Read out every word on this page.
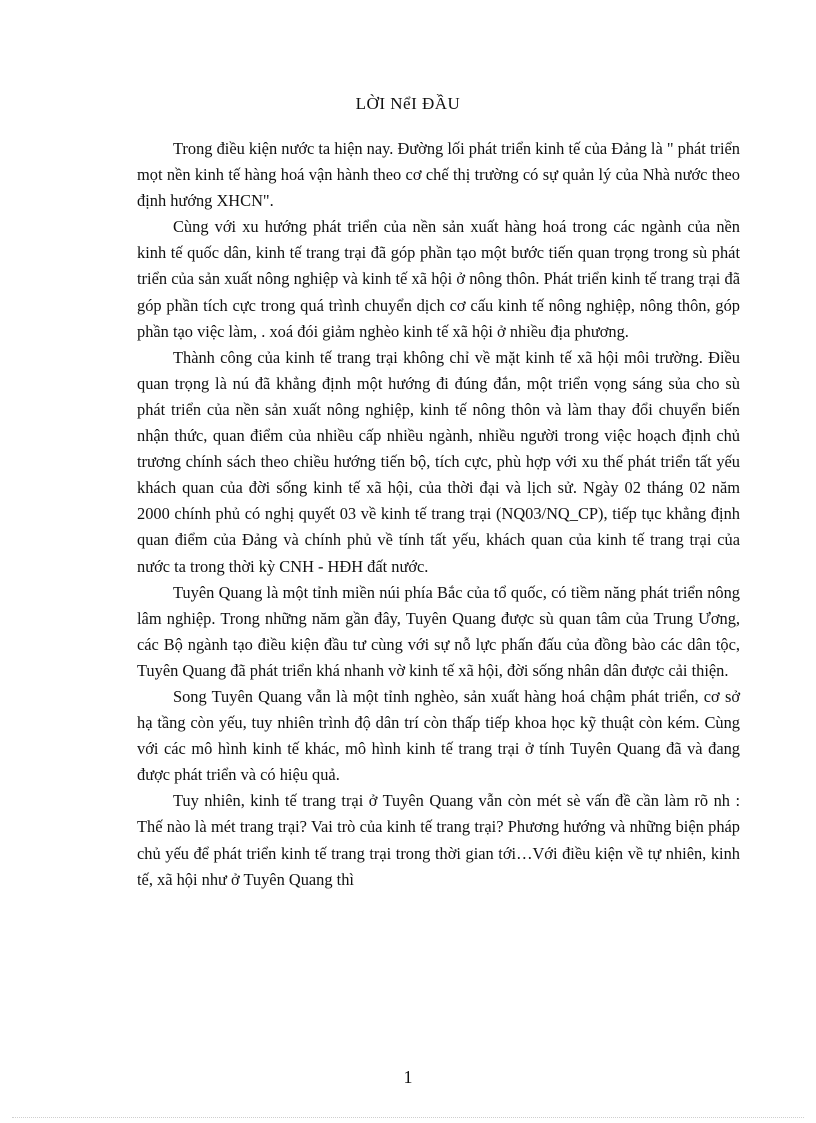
LỜI NểI ĐẦU

Trong điều kiện nước ta hiện nay. Đường lối phát triển kinh tế của Đảng là " phát triển mọt nền kinh tế hàng hoá vận hành theo cơ chế thị trường có sự quản lý của Nhà nước theo định hướng XHCN".

Cùng với xu hướng phát triển của nền sản xuất hàng hoá trong các ngành của nền kinh tế quốc dân, kinh tế trang trại đã góp phần tạo một bước tiến quan trọng trong sù phát triển của sản xuất nông nghiệp và kinh tế xã hội ở nông thôn. Phát triển kinh tế trang trại đã góp phần tích cực trong quá trình chuyển dịch cơ cấu kinh tế nông nghiệp, nông thôn, góp phần tạo việc làm, . xoá đói giảm nghèo kinh tế xã hội ở nhiều địa phương.

Thành công của kinh tế trang trại không chỉ về mặt kinh tế xã hội môi trường. Điều quan trọng là nú đã khẳng định một hướng đi đúng đắn, một triển vọng sáng sủa cho sù phát triển của nền sản xuất nông nghiệp, kinh tế nông thôn và làm thay đổi chuyển biến nhận thức, quan điểm của nhiều cấp nhiều ngành, nhiều người trong việc hoạch định chủ trương chính sách theo chiều hướng tiến bộ, tích cực, phù hợp với xu thế phát triển tất yếu khách quan của đời sống kinh tế xã hội, của thời đại và lịch sử. Ngày 02 tháng 02 năm 2000 chính phủ có nghị quyết 03 về kinh tế trang trại (NQ03/NQ_CP), tiếp tục khẳng định quan điểm của Đảng và chính phủ về tính tất yếu, khách quan của kinh tế trang trại của nước ta trong thời kỳ CNH - HĐH đất nước.

Tuyên Quang là một tỉnh miền núi phía Bắc của tổ quốc, có tiềm năng phát triển nông lâm nghiệp. Trong những năm gần đây, Tuyên Quang được sù quan tâm của Trung Ương, các Bộ ngành tạo điều kiện đầu tư cùng với sự nỗ lực phấn đấu của đồng bào các dân tộc, Tuyên Quang đã phát triển khá nhanh vờ kinh tế xã hội, đời sống nhân dân được cải thiện.

Song Tuyên Quang vẫn là một tỉnh nghèo, sản xuất hàng hoá chậm phát triển, cơ sở hạ tầng còn yếu, tuy nhiên trình độ dân trí còn thấp tiếp khoa học kỹ thuật còn kém. Cùng với các mô hình kinh tế khác, mô hình kinh tế trang trại ở tính Tuyên Quang đã và đang được phát triển và có hiệu quả.

Tuy nhiên, kinh tế trang trại ở Tuyên Quang vẫn còn mét sè vấn đề cần làm rõ nh : Thế nào là mét trang trại? Vai trò của kinh tế trang trại? Phương hướng và những biện pháp chủ yếu để phát triển kinh tế trang trại trong thời gian tới…Với điều kiện về tự nhiên, kinh tế, xã hội như ở Tuyên Quang thì

1
